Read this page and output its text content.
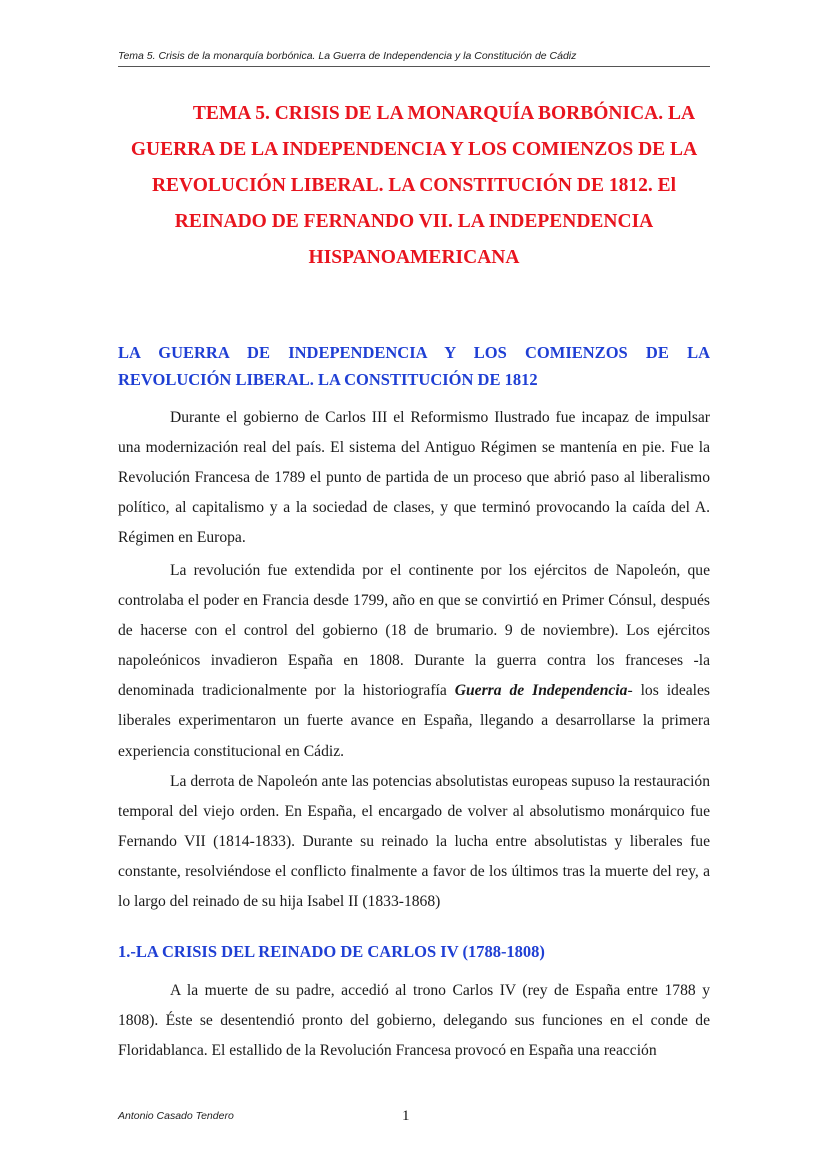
Tema 5. Crisis de la monarquía borbónica. La Guerra de Independencia y la Constitución de Cádiz
TEMA 5. CRISIS DE LA MONARQUÍA BORBÓNICA. LA
GUERRA DE LA INDEPENDENCIA Y LOS COMIENZOS DE LA
REVOLUCIÓN LIBERAL. LA CONSTITUCIÓN DE 1812. El
REINADO DE FERNANDO VII. LA INDEPENDENCIA
HISPANOAMERICANA
LA GUERRA DE INDEPENDENCIA Y LOS COMIENZOS DE LA
REVOLUCIÓN LIBERAL. LA CONSTITUCIÓN DE 1812

Durante el gobierno de Carlos III el Reformismo Ilustrado fue incapaz de impulsar una modernización real del país. El sistema del Antiguo Régimen se mantenía en pie. Fue la Revolución Francesa de 1789 el punto de partida de un proceso que abrió paso al liberalismo político, al capitalismo y a la sociedad de clases, y que terminó provocando la caída del A. Régimen en Europa.

La revolución fue extendida por el continente por los ejércitos de Napoleón, que controlaba el poder en Francia desde 1799, año en que se convirtió en Primer Cónsul, después de hacerse con el control del gobierno (18 de brumario. 9 de noviembre). Los ejércitos napoleónicos invadieron España en 1808. Durante la guerra contra los franceses -la denominada tradicionalmente por la historiografía Guerra de Independencia- los ideales liberales experimentaron un fuerte avance en España, llegando a desarrollarse la primera experiencia constitucional en Cádiz.

La derrota de Napoleón ante las potencias absolutistas europeas supuso la restauración temporal del viejo orden. En España, el encargado de volver al absolutismo monárquico fue Fernando VII (1814-1833). Durante su reinado la lucha entre absolutistas y liberales fue constante, resolviéndose el conflicto finalmente a favor de los últimos tras la muerte del rey, a lo largo del reinado de su hija Isabel II (1833-1868)

1.-LA CRISIS DEL REINADO DE CARLOS IV (1788-1808)

A la muerte de su padre, accedió al trono Carlos IV (rey de España entre 1788 y 1808). Éste se desentendió pronto del gobierno, delegando sus funciones en el conde de Floridablanca. El estallido de la Revolución Francesa provocó en España una reacción

Antonio Casado Tendero	1
